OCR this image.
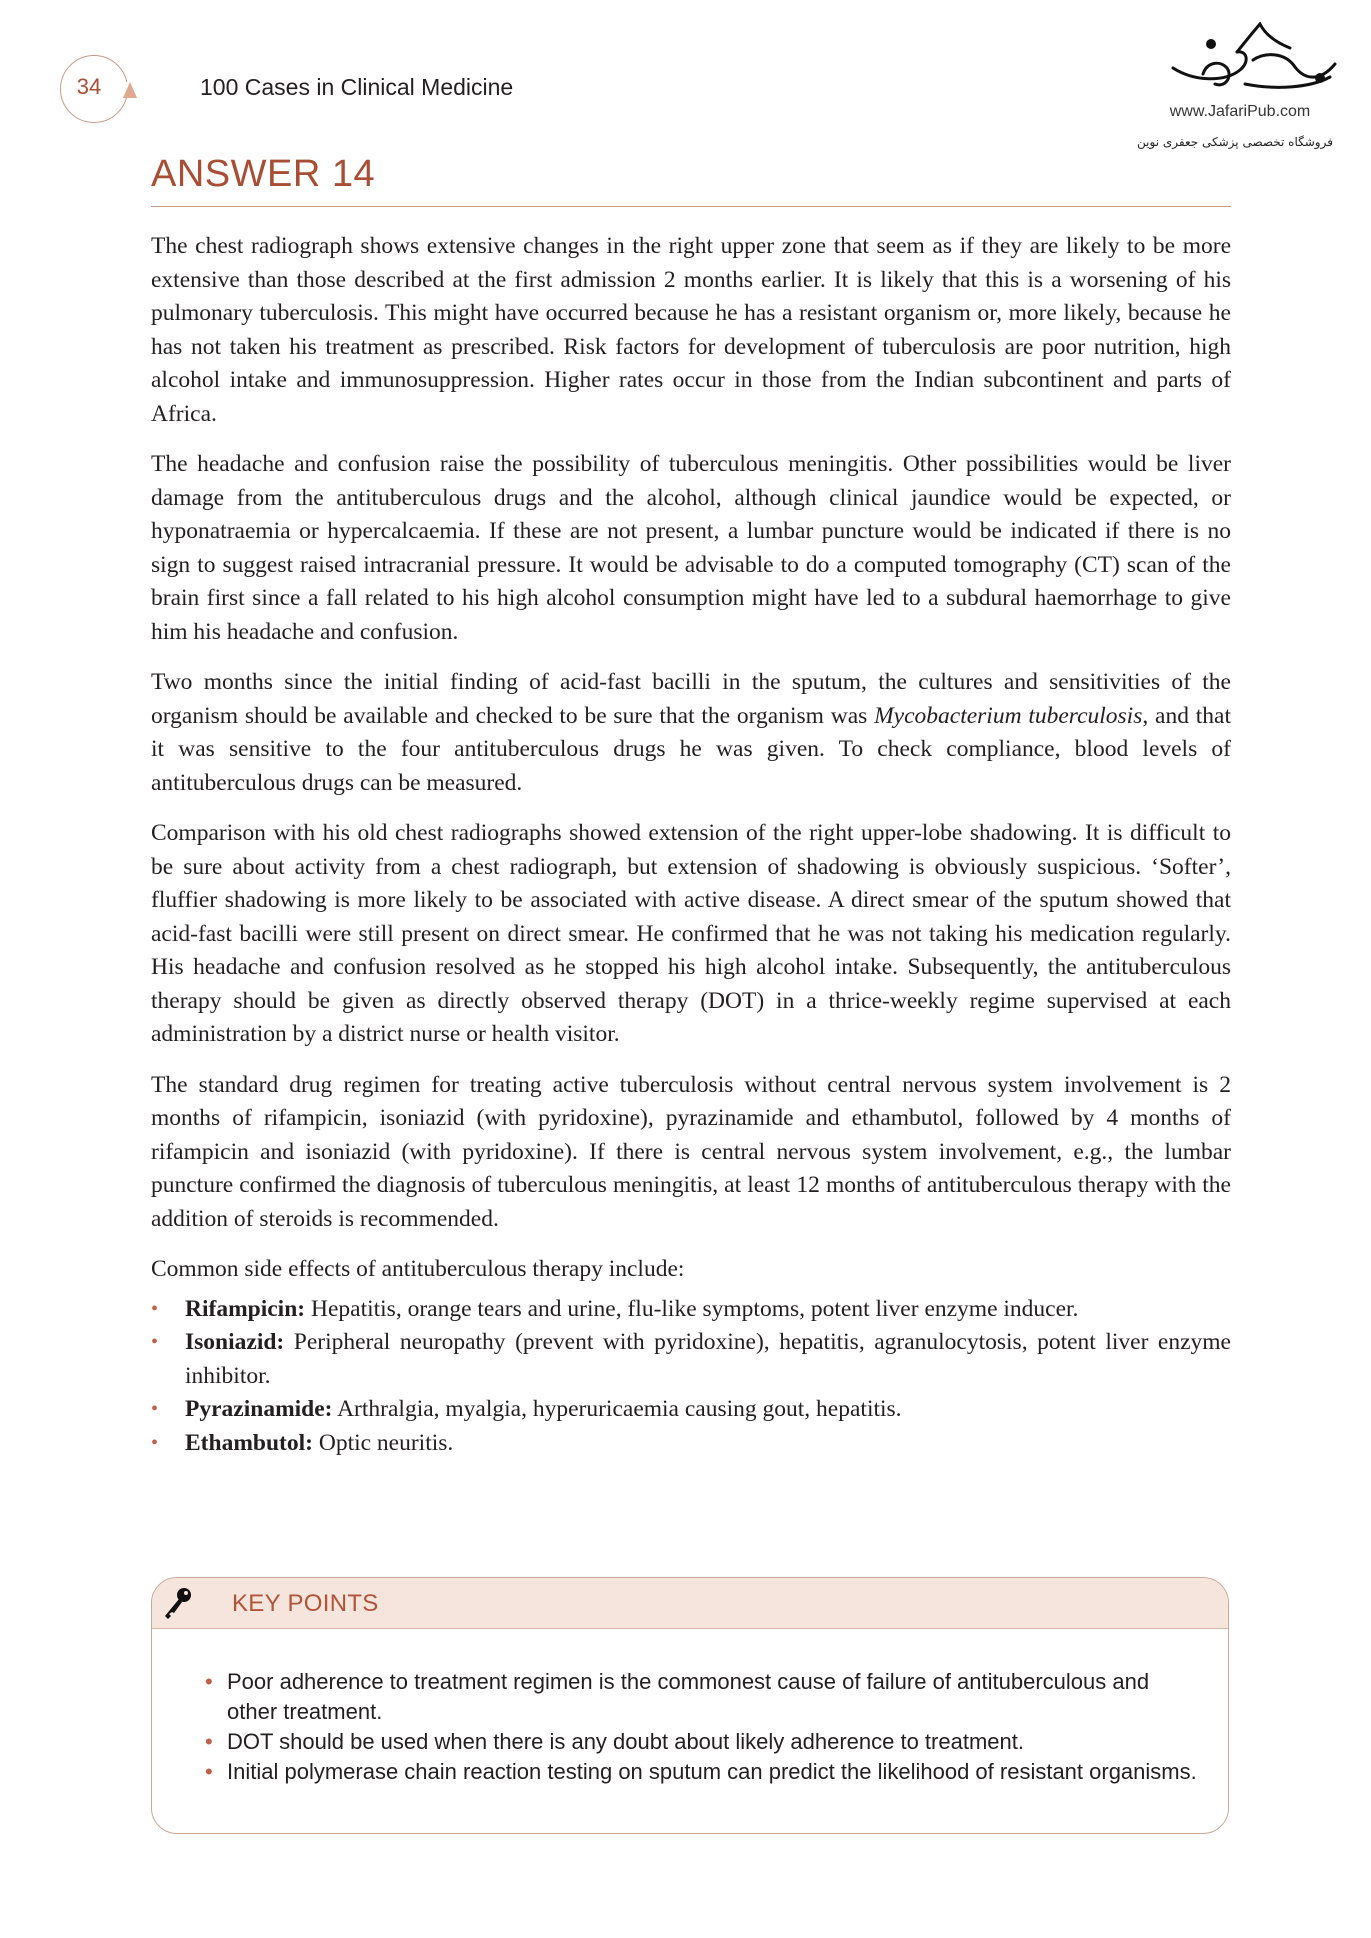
34	100 Cases in Clinical Medicine
www.JafariPub.com
فروشگاه تخصصی پزشکی جعفری نوین
ANSWER 14

The chest radiograph shows extensive changes in the right upper zone that seem as if they are likely to be more extensive than those described at the first admission 2 months earlier. It is likely that this is a worsening of his pulmonary tuberculosis. This might have occurred because he has a resistant organism or, more likely, because he has not taken his treatment as prescribed. Risk factors for development of tuberculosis are poor nutrition, high alcohol intake and immunosuppression. Higher rates occur in those from the Indian subcontinent and parts of Africa.

The headache and confusion raise the possibility of tuberculous meningitis. Other possibilities would be liver damage from the antituberculous drugs and the alcohol, although clinical jaundice would be expected, or hyponatraemia or hypercalcaemia. If these are not present, a lumbar puncture would be indicated if there is no sign to suggest raised intracranial pressure. It would be advisable to do a computed tomography (CT) scan of the brain first since a fall related to his high alcohol consumption might have led to a subdural haemorrhage to give him his headache and confusion.

Two months since the initial finding of acid-fast bacilli in the sputum, the cultures and sensitivities of the organism should be available and checked to be sure that the organism was Mycobacterium tuberculosis, and that it was sensitive to the four antituberculous drugs he was given. To check compliance, blood levels of antituberculous drugs can be measured.

Comparison with his old chest radiographs showed extension of the right upper-lobe shadowing. It is difficult to be sure about activity from a chest radiograph, but extension of shadowing is obviously suspicious. ‘Softer’, fluffier shadowing is more likely to be associated with active disease. A direct smear of the sputum showed that acid-fast bacilli were still present on direct smear. He confirmed that he was not taking his medication regularly. His headache and confusion resolved as he stopped his high alcohol intake. Subsequently, the antituberculous therapy should be given as directly observed therapy (DOT) in a thrice-weekly regime supervised at each administration by a district nurse or health visitor.

The standard drug regimen for treating active tuberculosis without central nervous system involvement is 2 months of rifampicin, isoniazid (with pyridoxine), pyrazinamide and ethambutol, followed by 4 months of rifampicin and isoniazid (with pyridoxine). If there is central nervous system involvement, e.g., the lumbar puncture confirmed the diagnosis of tuberculous meningitis, at least 12 months of antituberculous therapy with the addition of steroids is recommended.

Common side effects of antituberculous therapy include:

• Rifampicin: Hepatitis, orange tears and urine, flu-like symptoms, potent liver enzyme inducer.
• Isoniazid: Peripheral neuropathy (prevent with pyridoxine), hepatitis, agranulocytosis, potent liver enzyme inhibitor.
• Pyrazinamide: Arthralgia, myalgia, hyperuricaemia causing gout, hepatitis.
• Ethambutol: Optic neuritis.
KEY POINTS
• Poor adherence to treatment regimen is the commonest cause of failure of antituberculous and other treatment.
• DOT should be used when there is any doubt about likely adherence to treatment.
• Initial polymerase chain reaction testing on sputum can predict the likelihood of resistant organisms.
